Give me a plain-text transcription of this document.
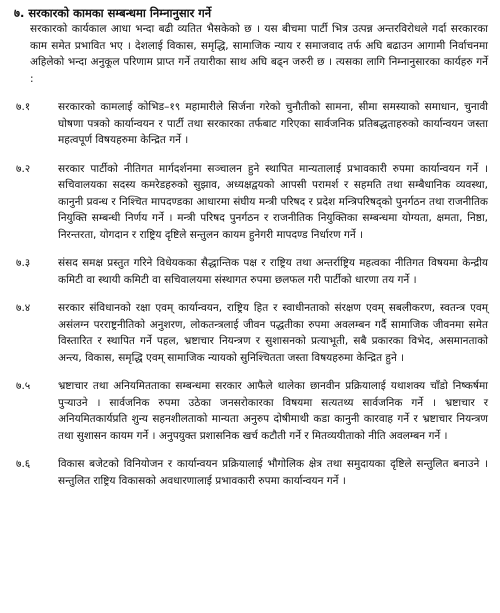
७. सरकारको कामका सम्बन्धमा निम्नानुसार गर्ने
सरकारको कार्यकाल आधा भन्दा बढी व्यतित भैसकेको छ । यस बीचमा पार्टी भित्र उत्पन्न अन्तरविरोधले गर्दा सरकारका काम समेत प्रभावित भए । देशलाई विकास, समृद्धि, सामाजिक न्याय र समाजवाद तर्फ अघि बढाउन आगामी निर्वाचनमा अहिलेको भन्दा अनुकूल परिणाम प्राप्त गर्ने तयारीका साथ अघि बढ्न जरुरी छ । त्यसका लागि निम्नानुसारका कार्यहरु गर्ने :
७.१	सरकारको कामलाई कोभिड–१९ महामारीले सिर्जना गरेको चुनौतीको सामना, सीमा समस्याको समाधान, चुनावी घोषणा पत्रको कार्यान्वयन र पार्टी तथा सरकारका तर्फबाट गरिएका सार्वजनिक प्रतिबद्धताहरुको कार्यान्वयन जस्ता महत्वपूर्ण विषयहरुमा केन्द्रित गर्ने ।
७.२	सरकार पार्टीको नीतिगत मार्गदर्शनमा सञ्चालन हुने स्थापित मान्यतालाई प्रभावकारी रुपमा कार्यान्वयन गर्ने । सचिवालयका सदस्य कमरेडहरुको सुझाव, अध्यक्षद्वयको आपसी परामर्श र सहमति तथा सम्बैधानिक व्यवस्था, कानुनी प्रवन्ध र निश्चित मापदण्डका आधारमा संघीय मन्त्री परिषद र प्रदेश मन्त्रिपरिषद्को पुनर्गठन तथा राजनीतिक नियुक्ति सम्बन्धी निर्णय गर्ने । मन्त्री परिषद पुनर्गठन र राजनीतिक नियुक्तिका सम्बन्धमा योग्यता, क्षमता, निष्ठा, निरन्तरता, योगदान र राष्ट्रिय दृष्टिले सन्तुलन कायम हुनेगरी मापदण्ड निर्धारण गर्ने ।
७.३	संसद समक्ष प्रस्तुत गरिने विधेयकका सैद्धान्तिक पक्ष र राष्ट्रिय तथा अन्तर्राष्ट्रिय महत्वका नीतिगत विषयमा केन्द्रीय कमिटी वा स्थायी कमिटी वा सचिवालयमा संस्थागत रुपमा छलफल गरी पार्टीको धारणा तय गर्ने ।
७.४	सरकार संविधानको रक्षा एवम् कार्यान्वयन, राष्ट्रिय हित र स्वाधीनताको संरक्षण एवम् सबलीकरण, स्वतन्त्र एवम् असंलग्न परराष्ट्रनीतिको अनुशरण, लोकतन्त्रलाई जीवन पद्धतीका रुपमा अवलम्बन गर्दै सामाजिक जीवनमा समेत विस्तारित र स्थापित गर्ने पहल, भ्रष्टाचार नियन्त्रण र सुशासनको प्रत्याभूती, सबै प्रकारका विभेद, असमानताको अन्त्य, विकास, समृद्धि एवम् सामाजिक न्यायको सुनिश्चितता जस्ता विषयहरुमा केन्द्रित हुने ।
७.५	भ्रष्टाचार तथा अनियमितताका सम्बन्धमा सरकार आफैले थालेका छानवीन प्रक्रियालाई यथाशक्य चाँडो निष्कर्षमा पुऱ्याउने । सार्वजनिक रुपमा उठेका जनसरोकारका विषयमा सत्यतथ्य सार्वजनिक गर्ने । भ्रष्टाचार र अनियमितकार्यप्रति शुन्य सहनशीलताको मान्यता अनुरुप दोषीमाथी कडा कानुनी कारवाह गर्ने र भ्रष्टाचार नियन्त्रण तथा सुशासन कायम गर्ने । अनुपयुक्त प्रशासनिक खर्च कटौती गर्ने र मितव्ययीताको नीति अवलम्बन गर्ने ।
७.६	विकास बजेटको विनियोजन र कार्यान्वयन प्रक्रियालाई भौगोलिक क्षेत्र तथा समुदायका दृष्टिले सन्तुलित बनाउने । सन्तुलित राष्ट्रिय विकासको अवधारणालाई प्रभावकारी रुपमा कार्यान्वयन गर्ने ।
